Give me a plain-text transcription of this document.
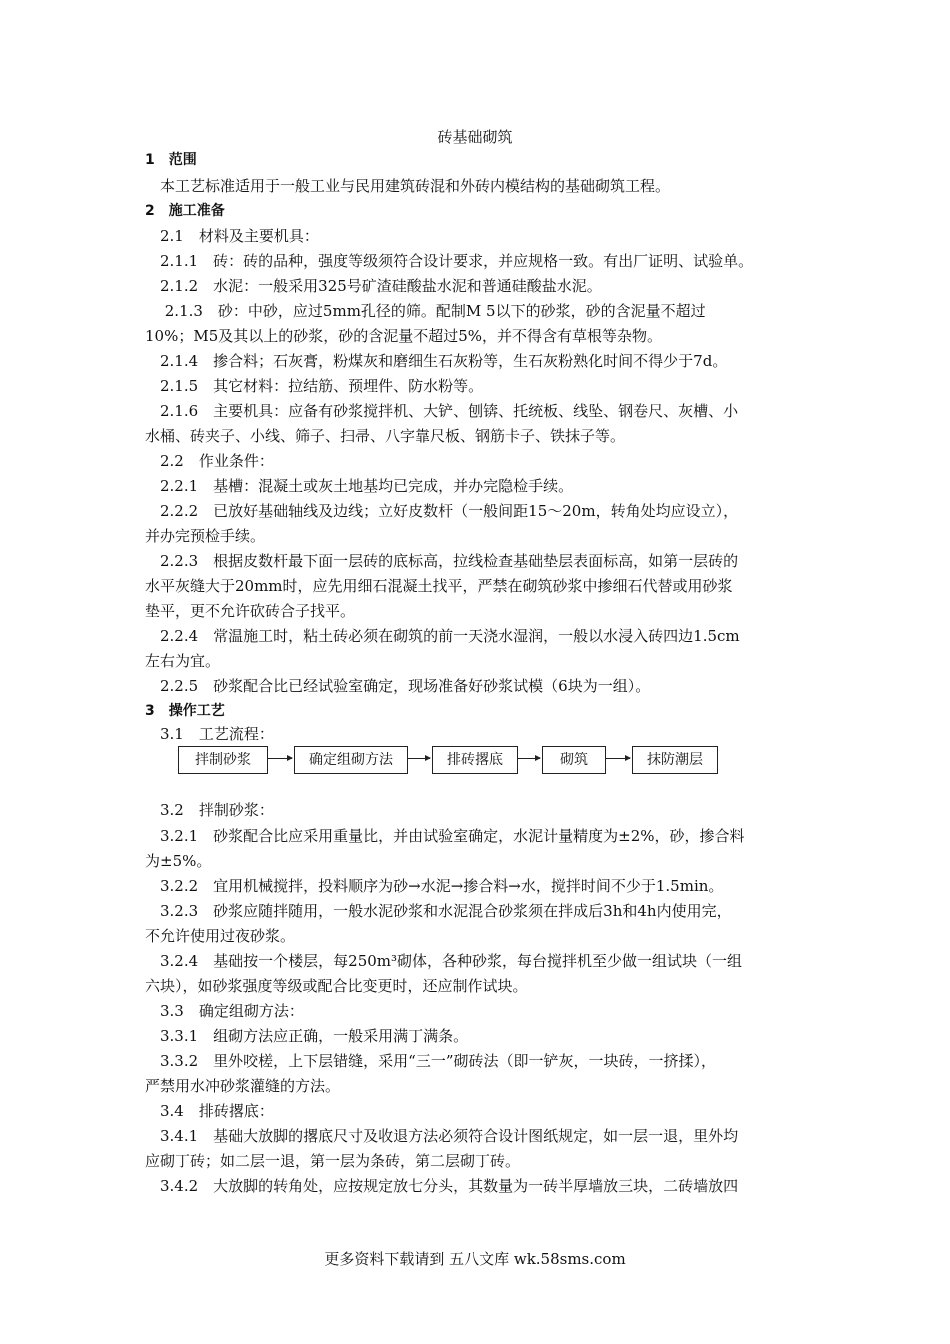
砖基础砌筑
1　范围
　本工艺标准适用于一般工业与民用建筑砖混和外砖内模结构的基础砌筑工程。
2　施工准备
　2.1　材料及主要机具：
　2.1.1　砖：砖的品种，强度等级须符合设计要求，并应规格一致。有出厂证明、试验单。
　2.1.2　水泥：一般采用325号矿渣硅酸盐水泥和普通硅酸盐水泥。
　 2.1.3　砂：中砂，应过5mm孔径的筛。配制M 5以下的砂浆，砂的含泥量不超过
10%；M5及其以上的砂浆，砂的含泥量不超过5%，并不得含有草根等杂物。
　2.1.4　掺合料；石灰膏，粉煤灰和磨细生石灰粉等，生石灰粉熟化时间不得少于7d。
　2.1.5　其它材料：拉结筋、预埋件、防水粉等。
　2.1.6　主要机具：应备有砂浆搅拌机、大铲、刨锛、托统板、线坠、钢卷尺、灰槽、小
水桶、砖夹子、小线、筛子、扫帚、八字靠尺板、钢筋卡子、铁抹子等。
　2.2　作业条件：
　2.2.1　基槽：混凝土或灰土地基均已完成，并办完隐检手续。
　2.2.2　已放好基础轴线及边线；立好皮数杆（一般间距15～20m，转角处均应设立），
并办完预检手续。
　2.2.3　根据皮数杆最下面一层砖的底标高，拉线检查基础垫层表面标高，如第一层砖的
水平灰缝大于20mm时，应先用细石混凝土找平，严禁在砌筑砂浆中掺细石代替或用砂浆
垫平，更不允许砍砖合子找平。
　2.2.4　常温施工时，粘土砖必须在砌筑的前一天浇水湿润，一般以水浸入砖四边1.5cm
左右为宜。
　2.2.5　砂浆配合比已经试验室确定，现场准备好砂浆试模（6块为一组）。
3　操作工艺
　3.1　工艺流程：
拌制砂浆	确定组砌方法	排砖撂底	砌筑	抹防潮层
　3.2　拌制砂浆：
　3.2.1　砂浆配合比应采用重量比，并由试验室确定，水泥计量精度为±2%，砂，掺合料
为±5%。
　3.2.2　宜用机械搅拌，投料顺序为砂→水泥→掺合料→水，搅拌时间不少于1.5min。
　3.2.3　砂浆应随拌随用，一般水泥砂浆和水泥混合砂浆须在拌成后3h和4h内使用完，
不允许使用过夜砂浆。
　3.2.4　基础按一个楼层，每250m³砌体，各种砂浆，每台搅拌机至少做一组试块（一组
六块），如砂浆强度等级或配合比变更时，还应制作试块。
　3.3　确定组砌方法：
　3.3.1　组砌方法应正确，一般采用满丁满条。
　3.3.2　里外咬槎，上下层错缝，采用“三一”砌砖法（即一铲灰，一块砖，一挤揉），
严禁用水冲砂浆灌缝的方法。
　3.4　排砖撂底：
　3.4.1　基础大放脚的撂底尺寸及收退方法必须符合设计图纸规定，如一层一退，里外均
应砌丁砖；如二层一退，第一层为条砖，第二层砌丁砖。
　3.4.2　大放脚的转角处，应按规定放七分头，其数量为一砖半厚墙放三块，二砖墙放四
更多资料下载请到 五八文库 wk.58sms.com
